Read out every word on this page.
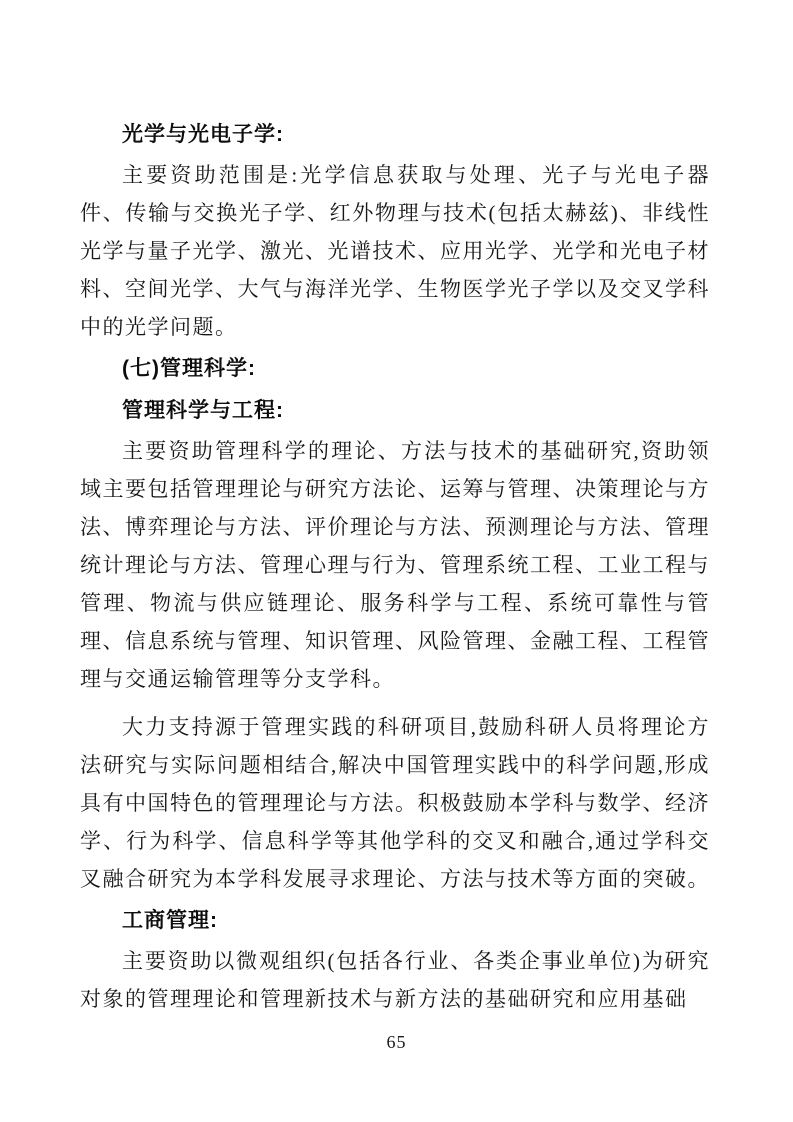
光学与光电子学:

主要资助范围是:光学信息获取与处理、光子与光电子器件、传输与交换光子学、红外物理与技术(包括太赫兹)、非线性光学与量子光学、激光、光谱技术、应用光学、光学和光电子材料、空间光学、大气与海洋光学、生物医学光子学以及交叉学科中的光学问题。

(七)管理科学:
管理科学与工程:

主要资助管理科学的理论、方法与技术的基础研究,资助领域主要包括管理理论与研究方法论、运筹与管理、决策理论与方法、博弈理论与方法、评价理论与方法、预测理论与方法、管理统计理论与方法、管理心理与行为、管理系统工程、工业工程与管理、物流与供应链理论、服务科学与工程、系统可靠性与管理、信息系统与管理、知识管理、风险管理、金融工程、工程管理与交通运输管理等分支学科。

大力支持源于管理实践的科研项目,鼓励科研人员将理论方法研究与实际问题相结合,解决中国管理实践中的科学问题,形成具有中国特色的管理理论与方法。积极鼓励本学科与数学、经济学、行为科学、信息科学等其他学科的交叉和融合,通过学科交叉融合研究为本学科发展寻求理论、方法与技术等方面的突破。

工商管理:

主要资助以微观组织(包括各行业、各类企事业单位)为研究对象的管理理论和管理新技术与新方法的基础研究和应用基础

65
